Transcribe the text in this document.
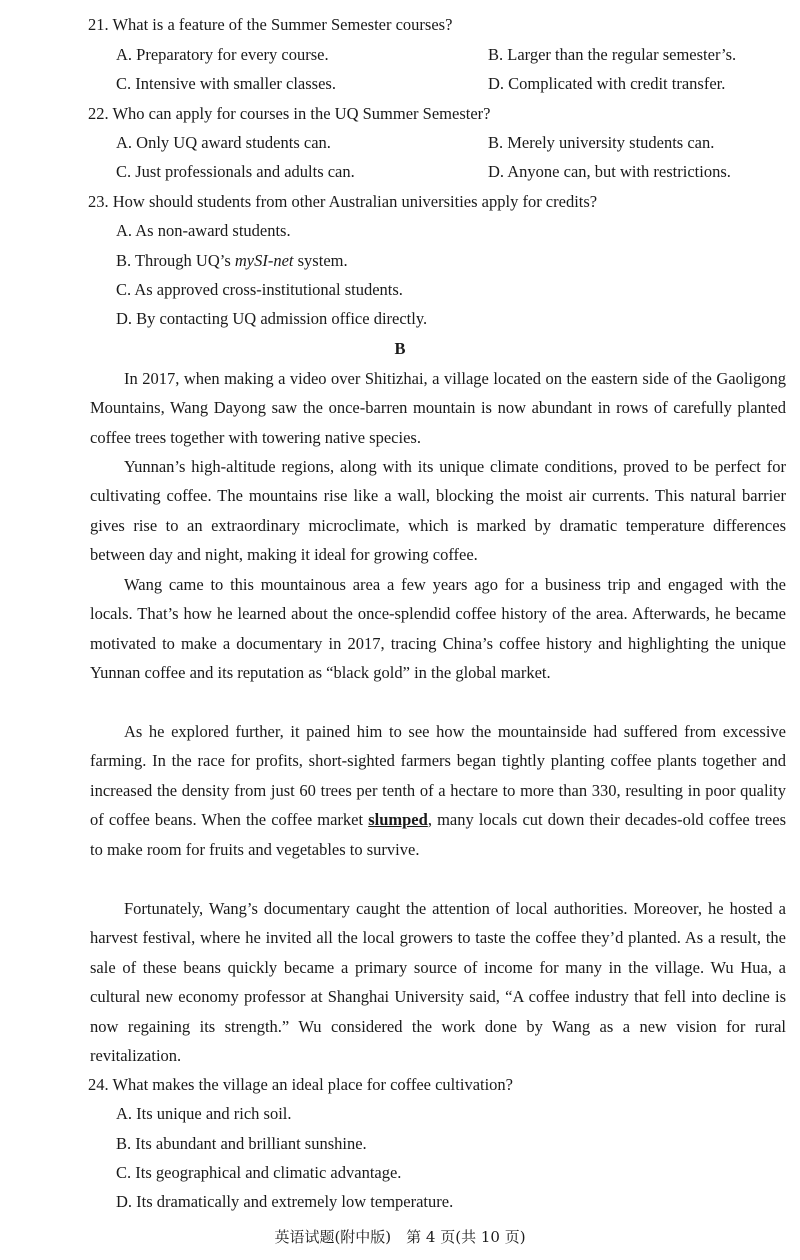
21. What is a feature of the Summer Semester courses?
A. Preparatory for every course.	B. Larger than the regular semester’s.
C. Intensive with smaller classes.	D. Complicated with credit transfer.
22. Who can apply for courses in the UQ Summer Semester?
A. Only UQ award students can.	B. Merely university students can.
C. Just professionals and adults can.	D. Anyone can, but with restrictions.
23. How should students from other Australian universities apply for credits?
A. As non-award students.
B. Through UQ’s mySI-net system.
C. As approved cross-institutional students.
D. By contacting UQ admission office directly.
B

In 2017, when making a video over Shitizhai, a village located on the eastern side of the Gaoligong Mountains, Wang Dayong saw the once-barren mountain is now abundant in rows of carefully planted coffee trees together with towering native species.

Yunnan’s high-altitude regions, along with its unique climate conditions, proved to be perfect for cultivating coffee. The mountains rise like a wall, blocking the moist air currents. This natural barrier gives rise to an extraordinary microclimate, which is marked by dramatic temperature differences between day and night, making it ideal for growing coffee.

Wang came to this mountainous area a few years ago for a business trip and engaged with the locals. That’s how he learned about the once-splendid coffee history of the area. Afterwards, he became motivated to make a documentary in 2017, tracing China’s coffee history and highlighting the unique Yunnan coffee and its reputation as “black gold” in the global market.

As he explored further, it pained him to see how the mountainside had suffered from excessive farming. In the race for profits, short-sighted farmers began tightly planting coffee plants together and increased the density from just 60 trees per tenth of a hectare to more than 330, resulting in poor quality of coffee beans. When the coffee market slumped, many locals cut down their decades-old coffee trees to make room for fruits and vegetables to survive.

Fortunately, Wang’s documentary caught the attention of local authorities. Moreover, he hosted a harvest festival, where he invited all the local growers to taste the coffee they’d planted. As a result, the sale of these beans quickly became a primary source of income for many in the village. Wu Hua, a cultural new economy professor at Shanghai University said, “A coffee industry that fell into decline is now regaining its strength.” Wu considered the work done by Wang as a new vision for rural revitalization.

24. What makes the village an ideal place for coffee cultivation?
A. Its unique and rich soil.
B. Its abundant and brilliant sunshine.
C. Its geographical and climatic advantage.
D. Its dramatically and extremely low temperature.
英语试题(附中版)　第 4 页(共 10 页)
